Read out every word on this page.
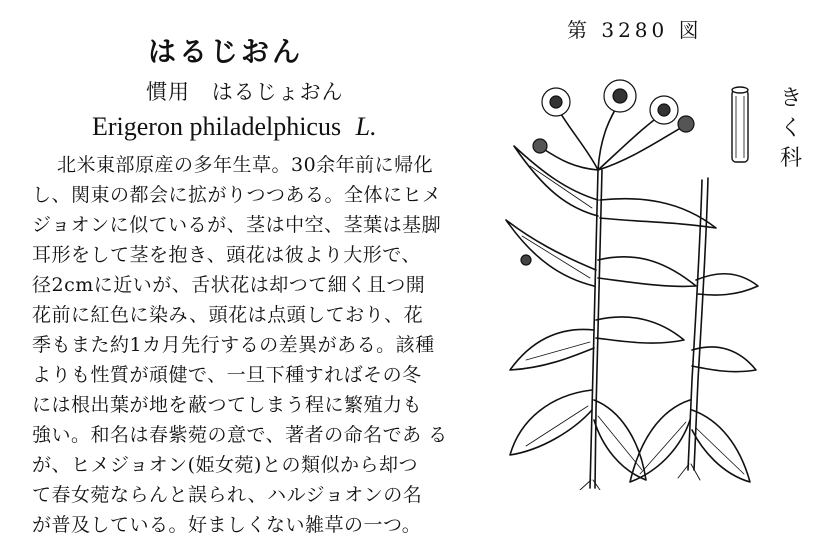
はるじおん
慣用 はるじょおん
Erigeron philadelphicus L.
北米東部原産の多年生草。30余年前に帰化
し、関東の都会に拡がりつつある。全体にヒメ
ジョオンに似ているが、茎は中空、茎葉は基脚
耳形をして茎を抱き、頭花は彼より大形で、
径2cmに近いが、舌状花は却つて細く且つ開
花前に紅色に染み、頭花は点頭しており、花
季もまた約1カ月先行するの差異がある。該種
よりも性質が頑健で、一旦下種すればその冬
には根出葉が地を蔽つてしまう程に繁殖力も
強い。和名は春紫菀の意で、著者の命名であ る
が、ヒメジョオン(姫女菀)との類似から却つ
て春女菀ならんと誤られ、ハルジョオンの名
が普及している。好ましくない雑草の一つ。
第 3280 図
き
く
科
